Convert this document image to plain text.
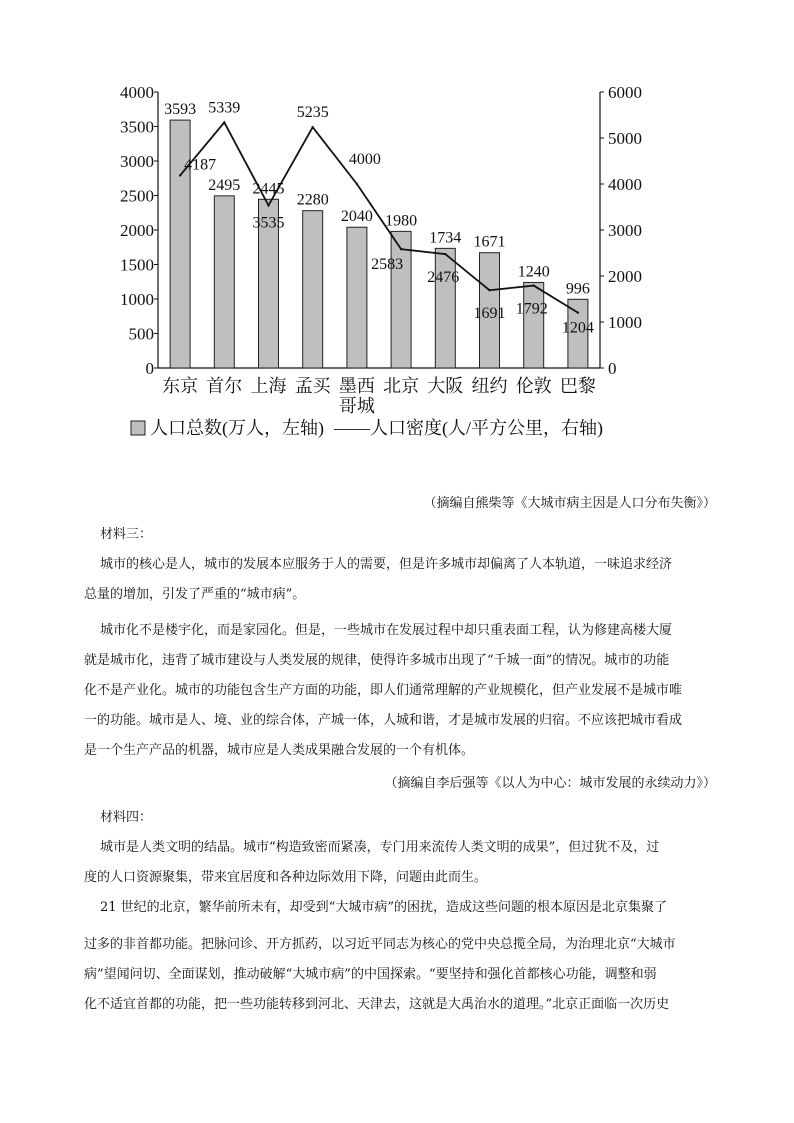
0
500
1000
1500
2000
2500
3000
3500
4000
0
1000
2000
3000
4000
5000
6000
3593
2495 2445
2280
2040 1980
1734 1671
1240
996
4187
5339
3535
5235
4000
2583
2476
1691 1792
1204
东京 首尔 上海 孟买 墨西哥城
北京 大阪 纽约 伦敦 巴黎
人口总数(万人，左轴) ——人口密度(人/平方公里，右轴)
（摘编自熊柴等《大城市病主因是人口分布失衡》）
材料三：
城市的核心是人，城市的发展本应服务于人的需要，但是许多城市却偏离了人本轨道，一味追求经济
总量的增加，引发了严重的“城市病”。
城市化不是楼宇化，而是家园化。但是，一些城市在发展过程中却只重表面工程，认为修建高楼大厦
就是城市化，违背了城市建设与人类发展的规律，使得许多城市出现了“千城一面”的情况。城市的功能
化不是产业化。城市的功能包含生产方面的功能，即人们通常理解的产业规模化，但产业发展不是城市唯
一的功能。城市是人、境、业的综合体，产城一体，人城和谐，才是城市发展的归宿。不应该把城市看成
是一个生产产品的机器，城市应是人类成果融合发展的一个有机体。
（摘编自李后强等《以人为中心：城市发展的永续动力》）
材料四：
城市是人类文明的结晶。城市“构造致密而紧凑，专门用来流传人类文明的成果”，但过犹不及，过
度的人口资源聚集，带来宜居度和各种边际效用下降，问题由此而生。
21 世纪的北京，繁华前所未有，却受到“大城市病”的困扰，造成这些问题的根本原因是北京集聚了
过多的非首都功能。把脉问诊、开方抓药，以习近平同志为核心的党中央总揽全局，为治理北京“大城市
病”望闻问切、全面谋划，推动破解“大城市病”的中国探索。“要坚持和强化首都核心功能，调整和弱
化不适宜首都的功能，把一些功能转移到河北、天津去，这就是大禹治水的道理。”北京正面临一次历史
